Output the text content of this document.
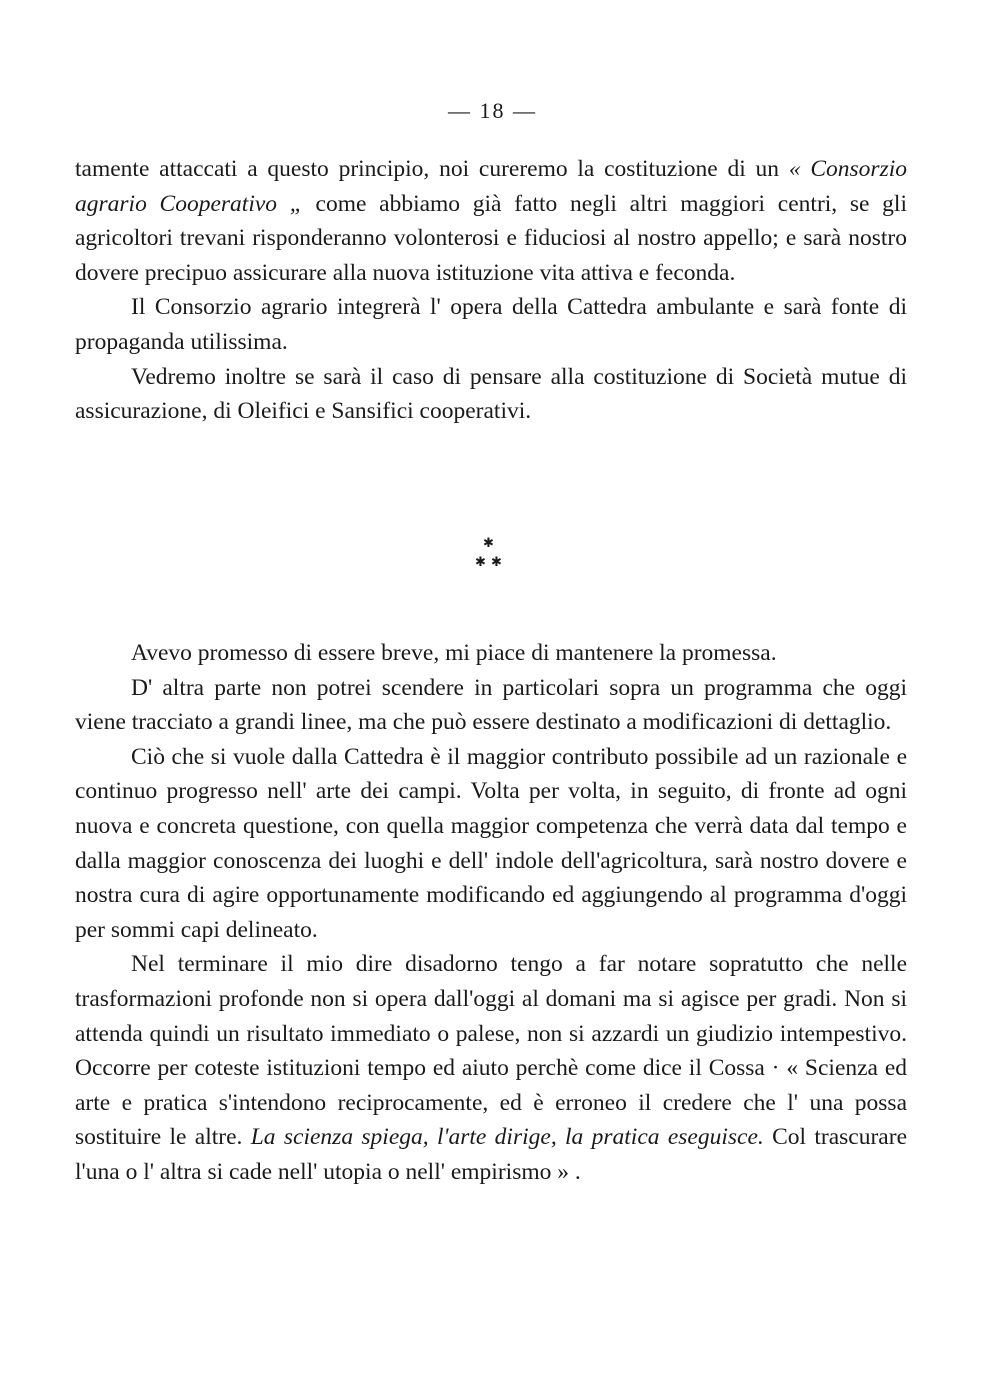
— 18 —

tamente attaccati a questo principio, noi cureremo la costituzione di un « Consorzio agrario Cooperativo „ come abbiamo già fatto negli altri maggiori centri, se gli agricoltori trevani risponderanno volonterosi e fiduciosi al nostro appello; e sarà nostro dovere precipuo assicurare alla nuova istituzione vita attiva e feconda.

Il Consorzio agrario integrerà l' opera della Cattedra ambulante e sarà fonte di propaganda utilissima.

Vedremo inoltre se sarà il caso di pensare alla costituzione di Società mutue di assicurazione, di Oleifici e Sansifici cooperativi.

✱
✱ ✱

Avevo promesso di essere breve, mi piace di mantenere la promessa.

D' altra parte non potrei scendere in particolari sopra un programma che oggi viene tracciato a grandi linee, ma che può essere destinato a modificazioni di dettaglio.

Ciò che si vuole dalla Cattedra è il maggior contributo possibile ad un razionale e continuo progresso nell' arte dei campi. Volta per volta, in seguito, di fronte ad ogni nuova e concreta questione, con quella maggior competenza che verrà data dal tempo e dalla maggior conoscenza dei luoghi e dell' indole dell'agricoltura, sarà nostro dovere e nostra cura di agire opportunamente modificando ed aggiungendo al programma d'oggi per sommi capi delineato.

Nel terminare il mio dire disadorno tengo a far notare sopratutto che nelle trasformazioni profonde non si opera dall'oggi al domani ma si agisce per gradi. Non si attenda quindi un risultato immediato o palese, non si azzardi un giudizio intempestivo. Occorre per coteste istituzioni tempo ed aiuto perchè come dice il Cossa · « Scienza ed arte e pratica s'intendono reciprocamente, ed è erroneo il credere che l' una possa sostituire le altre. La scienza spiega, l'arte dirige, la pratica eseguisce. Col trascurare l'una o l' altra si cade nell' utopia o nell' empirismo » .
